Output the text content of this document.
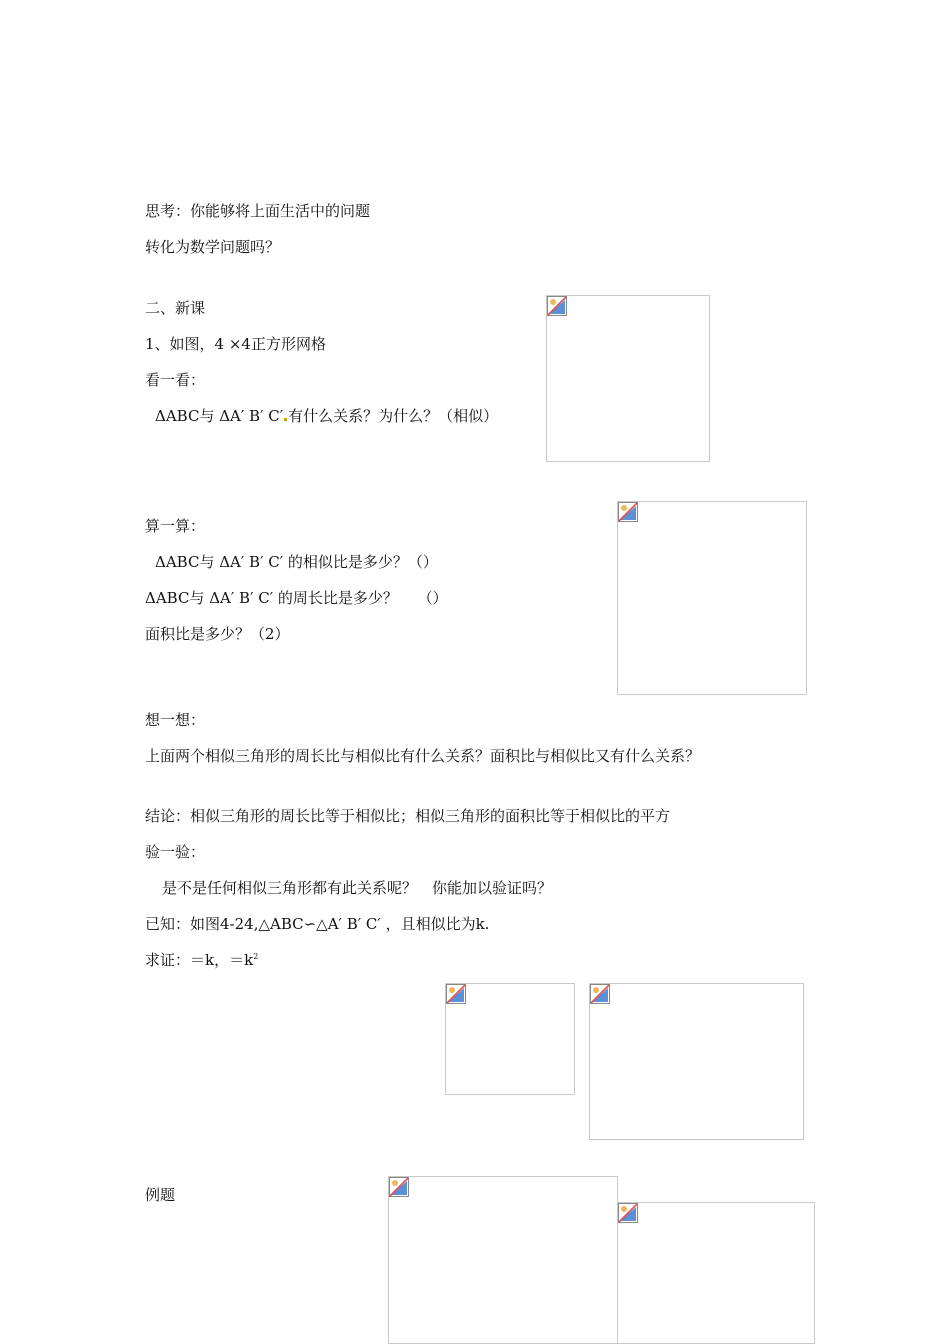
思考：你能够将上面生活中的问题
转化为数学问题吗？
二、新课
1、如图，4 ×4正方形网格
看一看：
ΔABC与 ΔA′ B′ C′ 有什么关系？为什么？（相似）
算一算：
ΔABC与 ΔA′ B′ C′ 的相似比是多少？（）
ΔABC与 ΔA′ B′ C′ 的周长比是多少？　 （）
面积比是多少？（2）
想一想：
上面两个相似三角形的周长比与相似比有什么关系？面积比与相似比又有什么关系？
结论：相似三角形的周长比等于相似比；相似三角形的面积比等于相似比的平方
验一验：
是不是任何相似三角形都有此关系呢？　你能加以验证吗？
已知：如图4-24,△ABC∽△A′ B′ C′ ，且相似比为k.
求证：＝k，$=k^2$
例题
